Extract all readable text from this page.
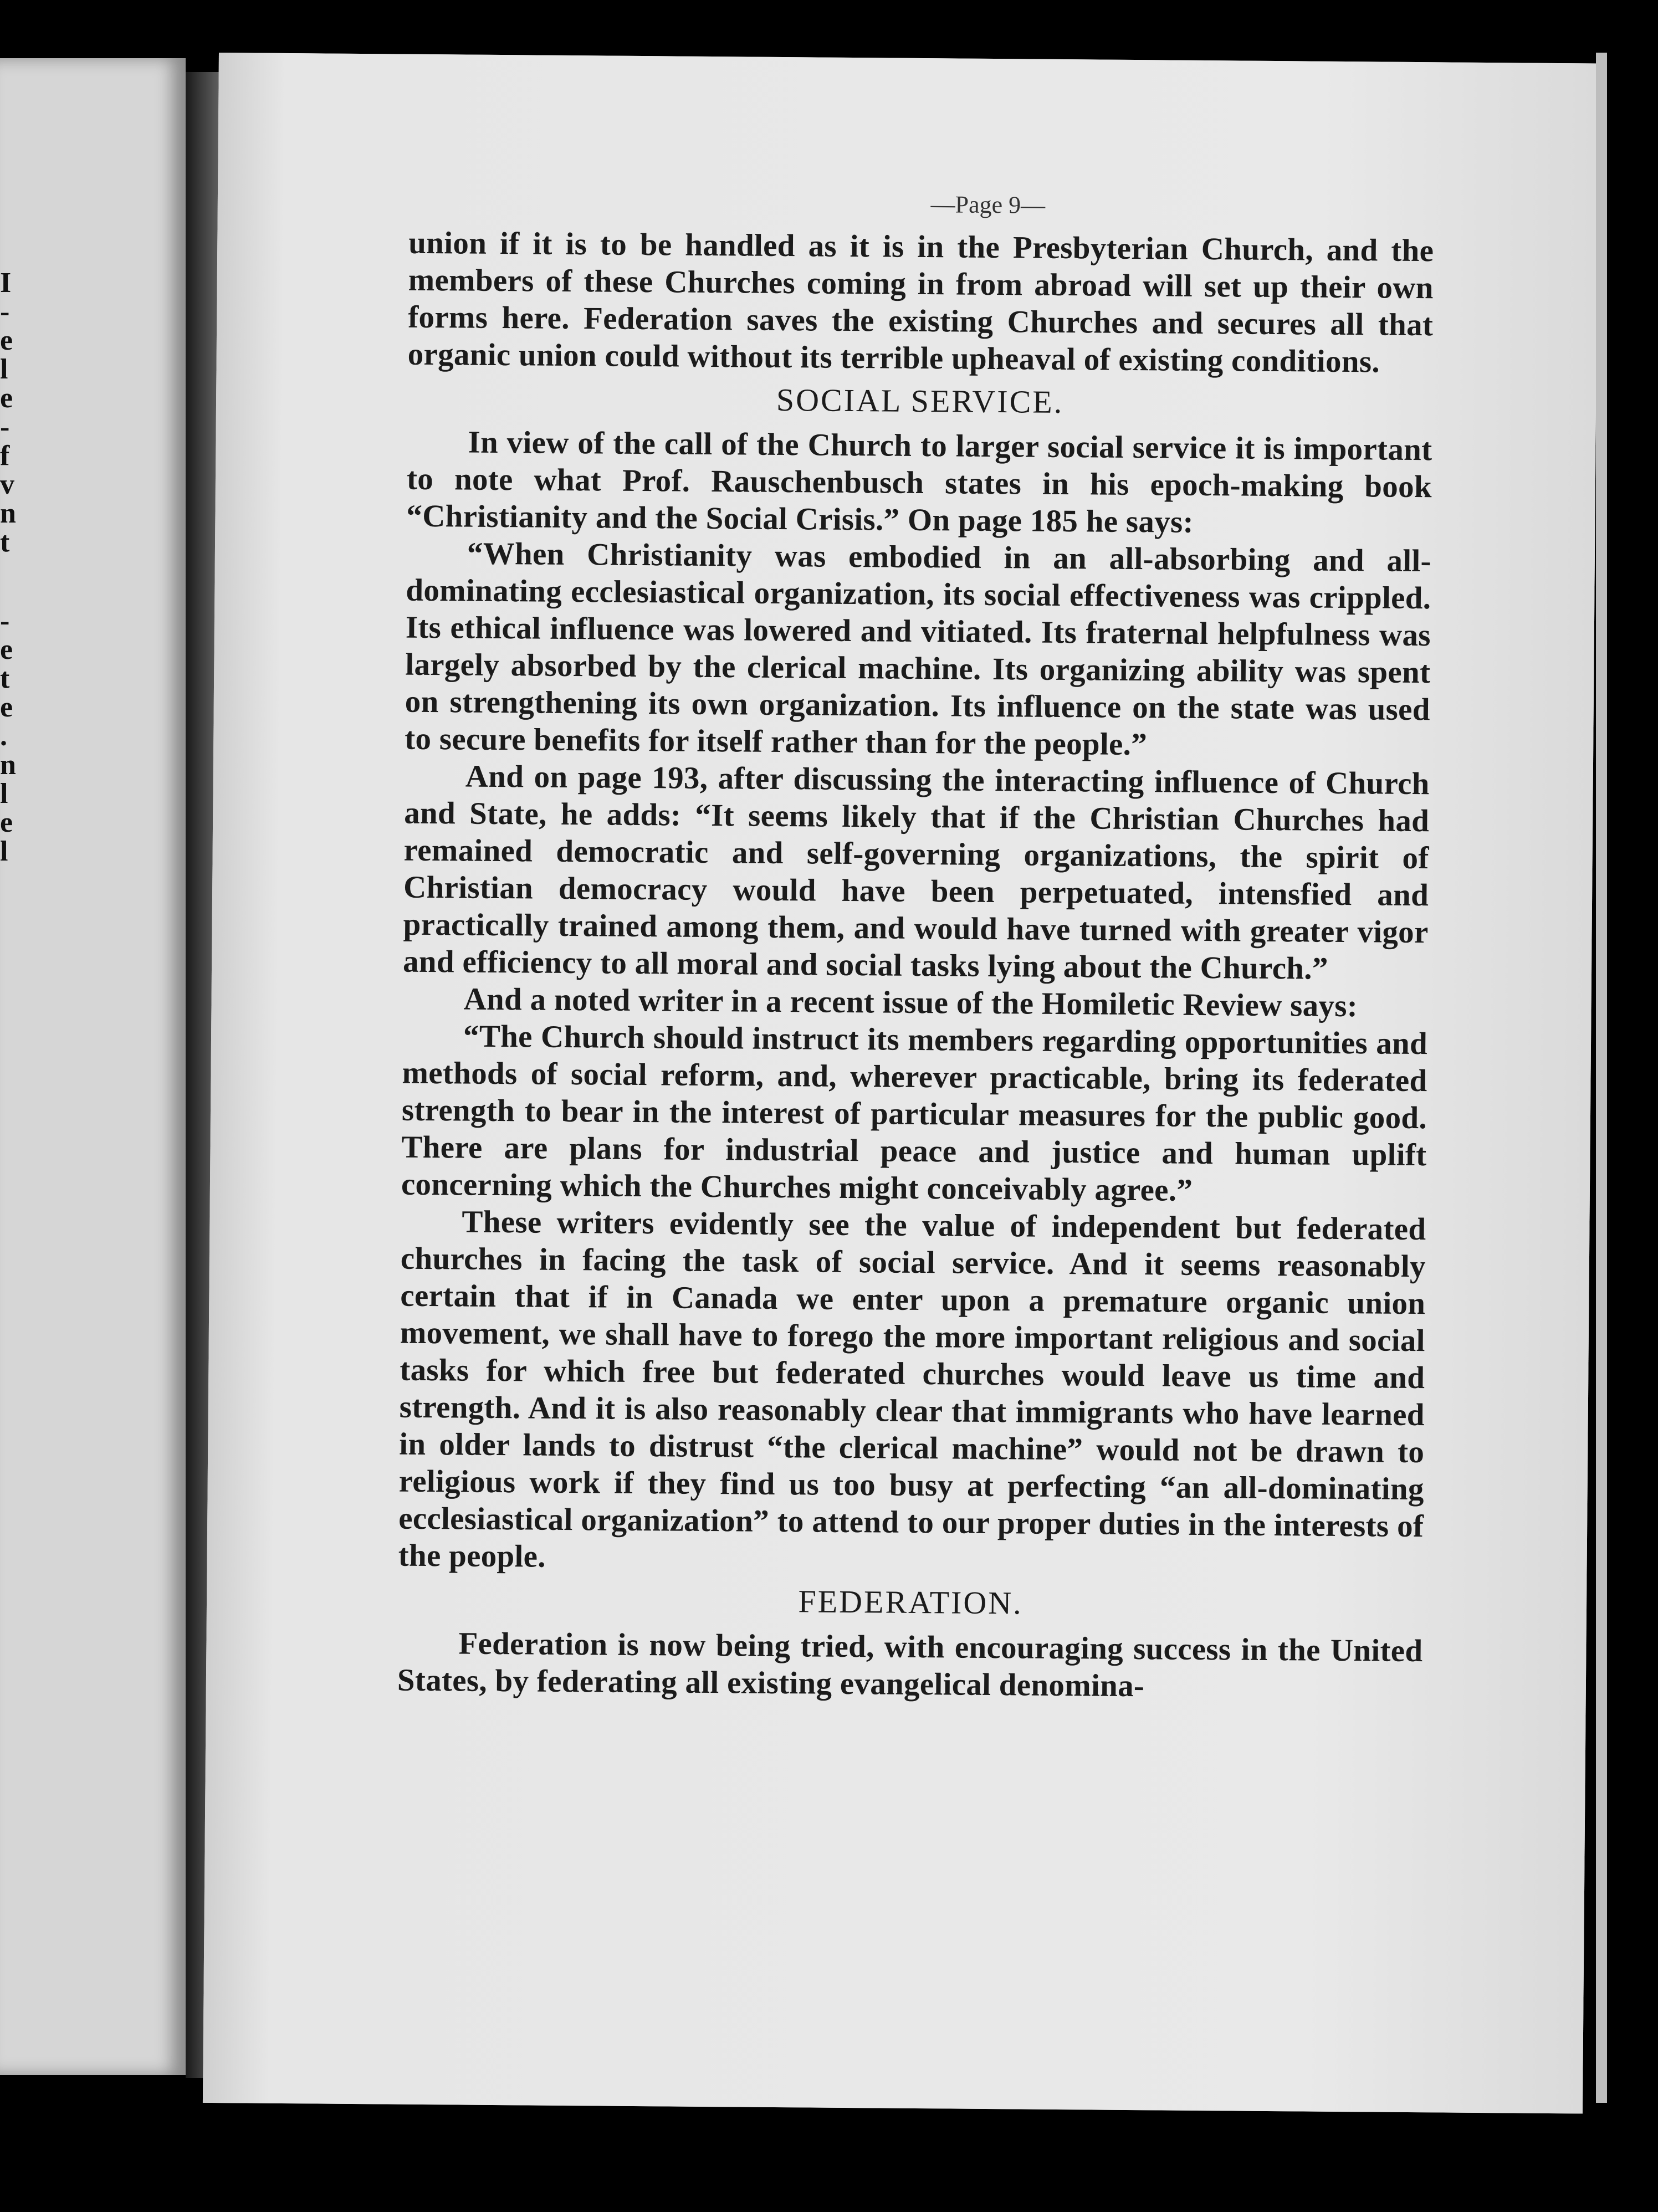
I
-
e
l
e
-
f
v
n
t
-
e
t
e
.
n
l
e
l
—Page 9—

union if it is to be handled as it is in the Presbyterian Church, and the members of these Churches coming in from abroad will set up their own forms here. Federation saves the existing Churches and secures all that organic union could without its terrible upheaval of existing conditions.

SOCIAL SERVICE.

In view of the call of the Church to larger social service it is important to note what Prof. Rauschenbusch states in his epoch-making book “Christianity and the Social Crisis.” On page 185 he says:

“When Christianity was embodied in an all-absorbing and all-dominating ecclesiastical organization, its social effectiveness was crippled. Its ethical influence was lowered and vitiated. Its fraternal helpfulness was largely absorbed by the clerical machine. Its organizing ability was spent on strengthening its own organization. Its influence on the state was used to secure benefits for itself rather than for the people.”

And on page 193, after discussing the interacting influence of Church and State, he adds: “It seems likely that if the Christian Churches had remained democratic and self-governing organizations, the spirit of Christian democracy would have been perpetuated, intensfied and practically trained among them, and would have turned with greater vigor and efficiency to all moral and social tasks lying about the Church.”

And a noted writer in a recent issue of the Homiletic Review says:

“The Church should instruct its members regarding opportunities and methods of social reform, and, wherever practicable, bring its federated strength to bear in the interest of particular measures for the public good. There are plans for industrial peace and justice and human uplift concerning which the Churches might conceivably agree.”

These writers evidently see the value of independent but federated churches in facing the task of social service. And it seems reasonably certain that if in Canada we enter upon a premature organic union movement, we shall have to forego the more important religious and social tasks for which free but federated churches would leave us time and strength. And it is also reasonably clear that immigrants who have learned in older lands to distrust “the clerical machine” would not be drawn to religious work if they find us too busy at perfecting “an all-dominating ecclesiastical organization” to attend to our proper duties in the interests of the people.

FEDERATION.

Federation is now being tried, with encouraging success in the United States, by federating all existing evangelical denomina-
